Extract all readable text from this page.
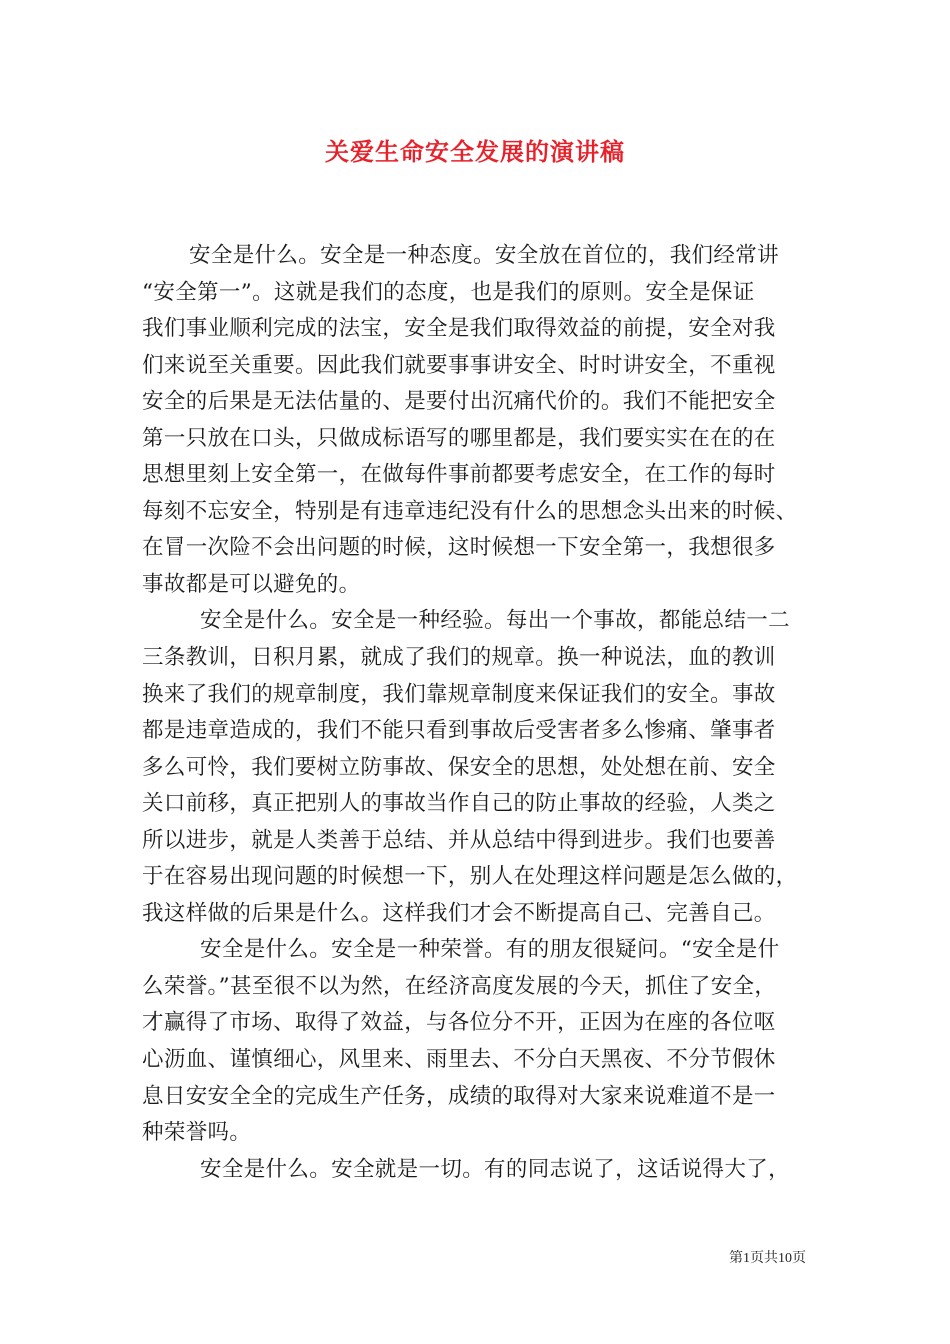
关爱生命安全发展的演讲稿
安全是什么。安全是一种态度。安全放在首位的，我们经常讲
“安全第一”。这就是我们的态度，也是我们的原则。安全是保证
我们事业顺利完成的法宝，安全是我们取得效益的前提，安全对我
们来说至关重要。因此我们就要事事讲安全、时时讲安全，不重视
安全的后果是无法估量的、是要付出沉痛代价的。我们不能把安全
第一只放在口头，只做成标语写的哪里都是，我们要实实在在的在
思想里刻上安全第一，在做每件事前都要考虑安全，在工作的每时
每刻不忘安全，特别是有违章违纪没有什么的思想念头出来的时候、
在冒一次险不会出问题的时候，这时候想一下安全第一，我想很多
事故都是可以避免的。
安全是什么。安全是一种经验。每出一个事故，都能总结一二
三条教训，日积月累，就成了我们的规章。换一种说法，血的教训
换来了我们的规章制度，我们靠规章制度来保证我们的安全。事故
都是违章造成的，我们不能只看到事故后受害者多么惨痛、肇事者
多么可怜，我们要树立防事故、保安全的思想，处处想在前、安全
关口前移，真正把别人的事故当作自己的防止事故的经验，人类之
所以进步，就是人类善于总结、并从总结中得到进步。我们也要善
于在容易出现问题的时候想一下，别人在处理这样问题是怎么做的，
我这样做的后果是什么。这样我们才会不断提高自己、完善自己。
安全是什么。安全是一种荣誉。有的朋友很疑问。“安全是什
么荣誉。”甚至很不以为然，在经济高度发展的今天，抓住了安全，
才赢得了市场、取得了效益，与各位分不开，正因为在座的各位呕
心沥血、谨慎细心，风里来、雨里去、不分白天黑夜、不分节假休
息日安安全全的完成生产任务，成绩的取得对大家来说难道不是一
种荣誉吗。
安全是什么。安全就是一切。有的同志说了，这话说得大了，
第1页共10页
